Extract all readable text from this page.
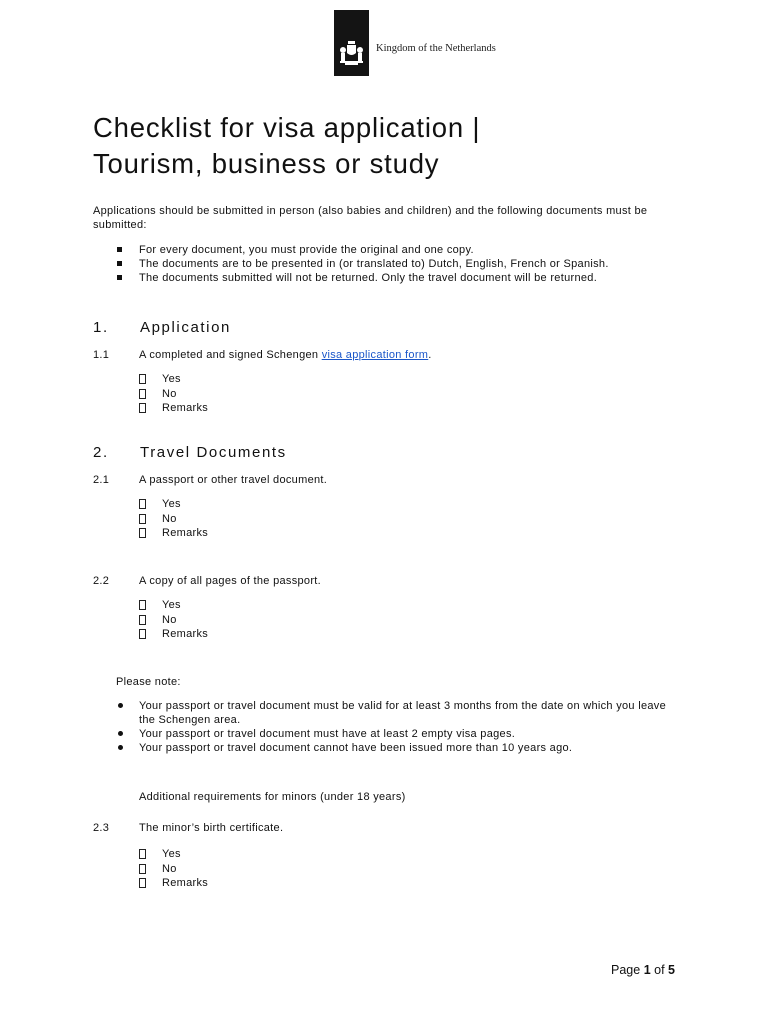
Kingdom of the Netherlands
Checklist for visa application |
Tourism, business or study
Applications should be submitted in person (also babies and children) and the following documents must be submitted:
For every document, you must provide the original and one copy.
The documents are to be presented in (or translated to) Dutch, English, French or Spanish.
The documents submitted will not be returned. Only the travel document will be returned.
1. Application
1.1	A completed and signed Schengen visa application form.
Yes
No
Remarks
2. Travel Documents
2.1	A passport or other travel document.
Yes
No
Remarks
2.2	A copy of all pages of the passport.
Yes
No
Remarks
Please note:
Your passport or travel document must be valid for at least 3 months from the date on which you leave the Schengen area.
Your passport or travel document must have at least 2 empty visa pages.
Your passport or travel document cannot have been issued more than 10 years ago.
Additional requirements for minors (under 18 years)
2.3	The minor’s birth certificate.
Yes
No
Remarks
Page 1 of 5
